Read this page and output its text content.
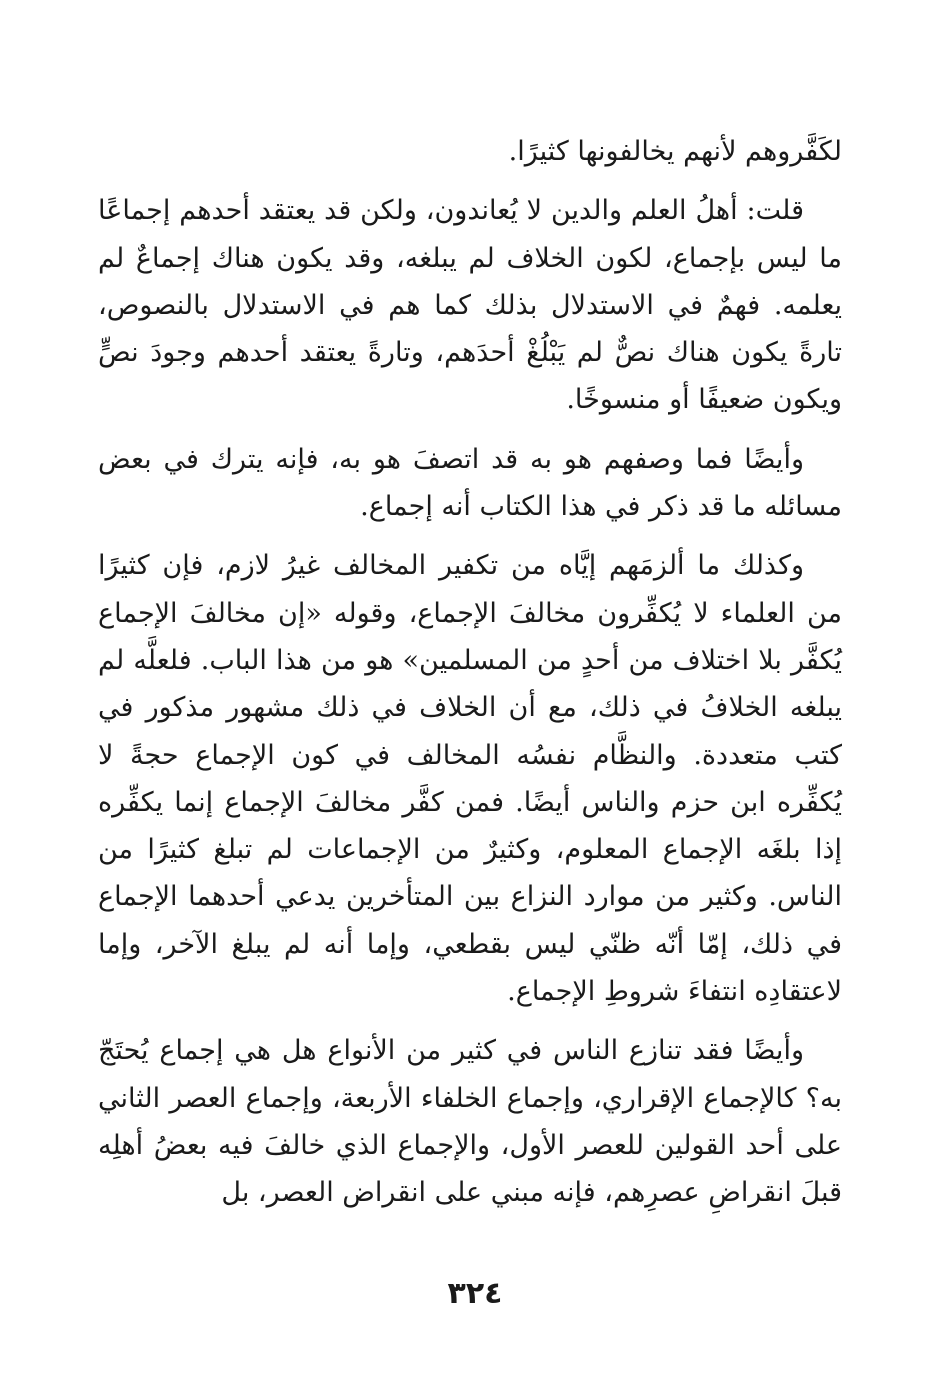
لكَفَّروهم لأنهم يخالفونها كثيرًا.

قلت: أهلُ العلم والدين لا يُعاندون، ولكن قد يعتقد أحدهم إجماعًا ما ليس بإجماع، لكون الخلاف لم يبلغه، وقد يكون هناك إجماعٌ لم يعلمه. فهمٌ في الاستدلال بذلك كما هم في الاستدلال بالنصوص، تارةً يكون هناك نصٌّ لم يَبْلُغْ أحدَهم، وتارةً يعتقد أحدهم وجودَ نصٍّ ويكون ضعيفًا أو منسوخًا.

وأيضًا فما وصفهم هو به قد اتصفَ هو به، فإنه يترك في بعض مسائله ما قد ذكر في هذا الكتاب أنه إجماع.

وكذلك ما ألزمَهم إيَّاه من تكفير المخالف غيرُ لازم، فإن كثيرًا من العلماء لا يُكفِّرون مخالفَ الإجماع، وقوله «إن مخالفَ الإجماع يُكفَّر بلا اختلاف من أحدٍ من المسلمين» هو من هذا الباب. فلعلَّه لم يبلغه الخلافُ في ذلك، مع أن الخلاف في ذلك مشهور مذكور في كتب متعددة. والنظَّام نفسُه المخالف في كون الإجماع حجةً لا يُكفِّره ابن حزم والناس أيضًا. فمن كفَّر مخالفَ الإجماع إنما يكفِّره إذا بلغَه الإجماع المعلوم، وكثيرٌ من الإجماعات لم تبلغ كثيرًا من الناس. وكثير من موارد النزاع بين المتأخرين يدعي أحدهما الإجماع في ذلك، إمّا أنّه ظنّي ليس بقطعي، وإما أنه لم يبلغ الآخر، وإما لاعتقادِه انتفاءَ شروطِ الإجماع.

وأيضًا فقد تنازع الناس في كثير من الأنواع هل هي إجماع يُحتَجّ به؟ كالإجماع الإقراري، وإجماع الخلفاء الأربعة، وإجماع العصر الثاني على أحد القولين للعصر الأول، والإجماع الذي خالفَ فيه بعضُ أهلِه قبلَ انقراضِ عصرِهم، فإنه مبني على انقراض العصر، بل

٣٢٤
